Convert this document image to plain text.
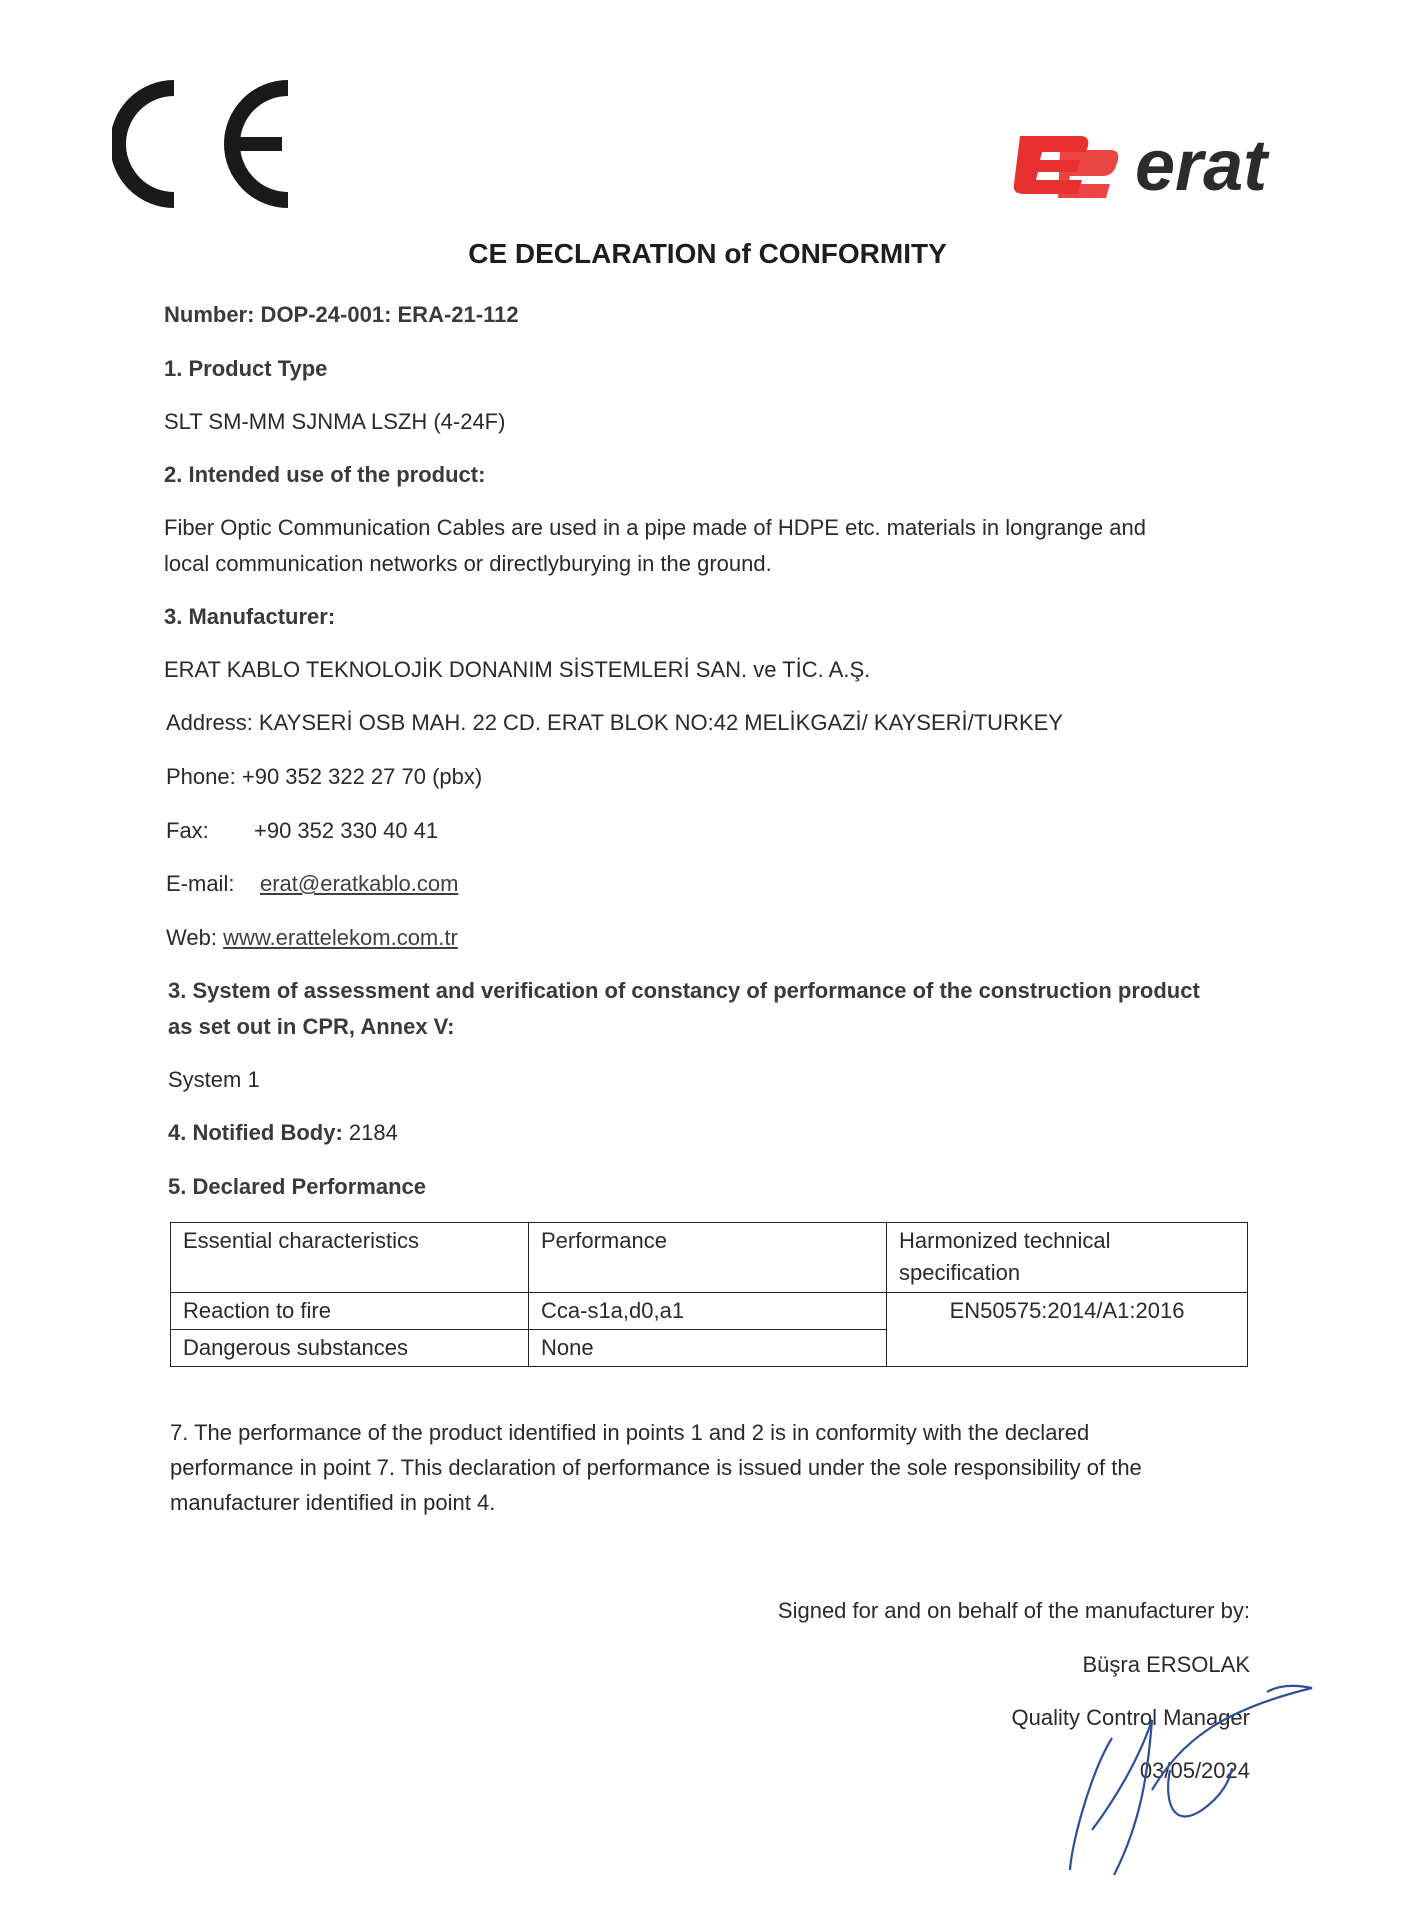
erat
CE DECLARATION of CONFORMITY
Number: DOP-24-001: ERA-21-112
1. Product Type
SLT SM-MM SJNMA LSZH (4-24F)
2. Intended use of the product:
Fiber Optic Communication Cables are used in a pipe made of HDPE etc. materials in longrange and
local communication networks or directlyburying in the ground.
3. Manufacturer:
ERAT KABLO TEKNOLOJİK DONANIM SİSTEMLERİ SAN. ve TİC. A.Ş.
Address: KAYSERİ OSB MAH. 22 CD. ERAT BLOK NO:42 MELİKGAZİ/ KAYSERİ/TURKEY
Phone: +90 352 322 27 70 (pbx)
Fax: +90 352 330 40 41
E-mail: erat@eratkablo.com
Web: www.erattelekom.com.tr
3. System of assessment and verification of constancy of performance of the construction product
as set out in CPR, Annex V:
System 1
4. Notified Body: 2184
5. Declared Performance
Essential characteristics	Performance	Harmonized technical specification
Reaction to fire	Cca-s1a,d0,a1	EN50575:2014/A1:2016
Dangerous substances	None	
7. The performance of the product identified in points 1 and 2 is in conformity with the declared
performance in point 7. This declaration of performance is issued under the sole responsibility of the
manufacturer identified in point 4.
Signed for and on behalf of the manufacturer by:
Büşra ERSOLAK
Quality Control Manager
03/05/2024
